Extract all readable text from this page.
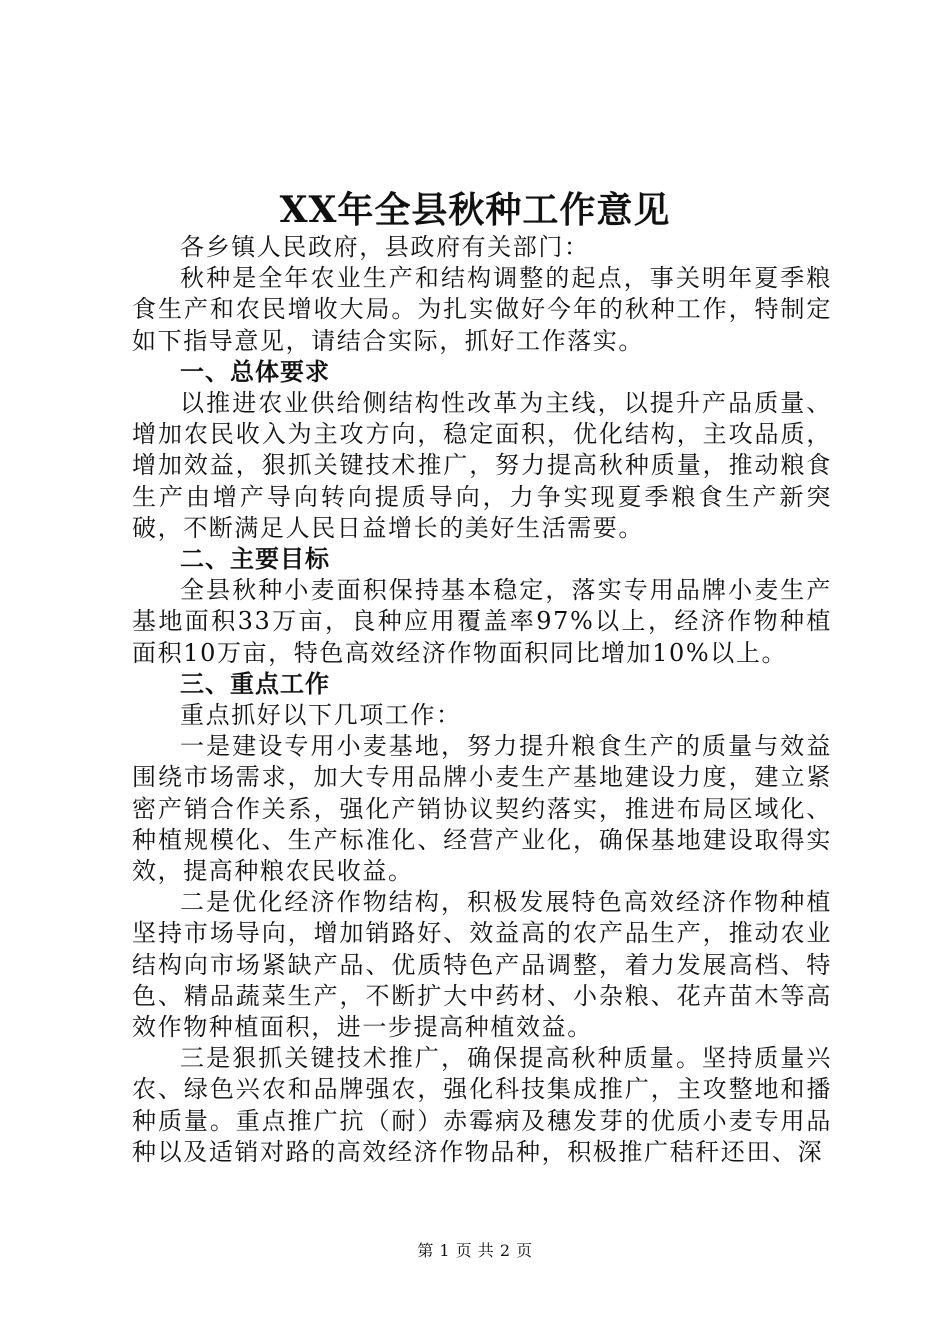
XX年全县秋种工作意见

各乡镇人民政府，县政府有关部门：

秋种是全年农业生产和结构调整的起点，事关明年夏季粮食生产和农民增收大局。为扎实做好今年的秋种工作，特制定如下指导意见，请结合实际，抓好工作落实。

一、总体要求

以推进农业供给侧结构性改革为主线，以提升产品质量、增加农民收入为主攻方向，稳定面积，优化结构，主攻品质，增加效益，狠抓关键技术推广，努力提高秋种质量，推动粮食生产由增产导向转向提质导向，力争实现夏季粮食生产新突破，不断满足人民日益增长的美好生活需要。

二、主要目标

全县秋种小麦面积保持基本稳定，落实专用品牌小麦生产基地面积33万亩，良种应用覆盖率97%以上，经济作物种植面积10万亩，特色高效经济作物面积同比增加10%以上。

三、重点工作

重点抓好以下几项工作：

一是建设专用小麦基地，努力提升粮食生产的质量与效益围绕市场需求，加大专用品牌小麦生产基地建设力度，建立紧密产销合作关系，强化产销协议契约落实，推进布局区域化、种植规模化、生产标准化、经营产业化，确保基地建设取得实效，提高种粮农民收益。

二是优化经济作物结构，积极发展特色高效经济作物种植坚持市场导向，增加销路好、效益高的农产品生产，推动农业结构向市场紧缺产品、优质特色产品调整，着力发展高档、特色、精品蔬菜生产，不断扩大中药材、小杂粮、花卉苗木等高效作物种植面积，进一步提高种植效益。

三是狠抓关键技术推广，确保提高秋种质量。坚持质量兴农、绿色兴农和品牌强农，强化科技集成推广，主攻整地和播种质量。重点推广抗（耐）赤霉病及穗发芽的优质小麦专用品种以及适销对路的高效经济作物品种，积极推广秸秆还田、深

第 1 页 共 2 页
